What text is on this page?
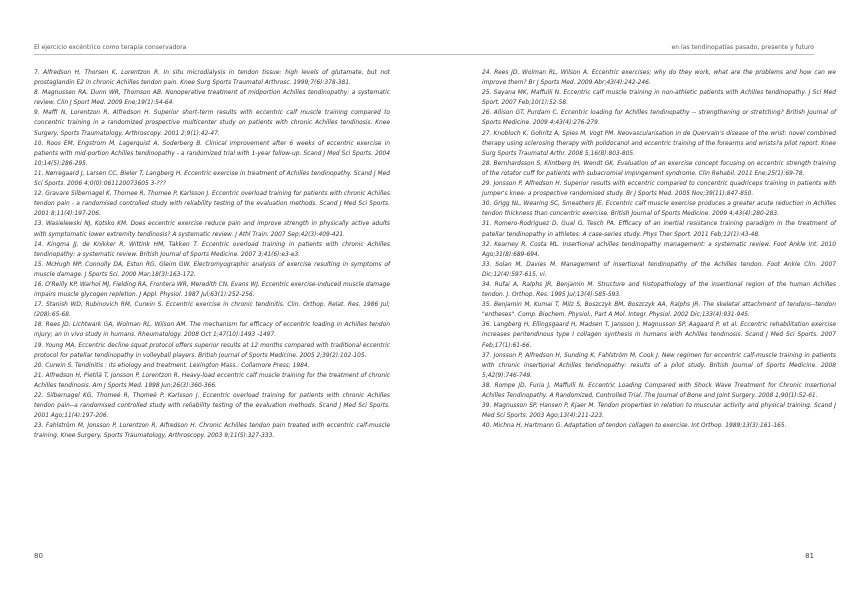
El ejercicio excéntrico como terapia conservadora
7. Alfredson H, Thorsen K, Lorentzon R. In situ microdialysis in tendon tissue: high levels of glutamate, but not prostaglandin E2 in chronic Achilles tendon pain. Knee Surg Sports Traumatol Arthrosc. 1999;7(6):378-381.
8. Magnussen RA, Dunn WR, Thomson AB. Nonoperative treatment of midportion Achilles tendinopathy: a systematic review. Clin J Sport Med. 2009 Ene;19(1):54-64.
9. Maffi N, Lorentzon R, Alfredson H. Superior short-term results with eccentric calf muscle training compared to concentric training in a randomized prospective multicenter study on patients with chronic Achilles tendinosis. Knee Surgery, Sports Traumatology, Arthroscopy. 2001 2;9(1):42-47.
10. Roos EM, Engstrom M, Lagerquist A, Soderberg B. Clinical improvement after 6 weeks of eccentric exercise in patients with mid-portion Achilles tendinopathy - a randomized trial with 1-year follow-up. Scand J Med Sci Sports. 2004 10;14(5):286-295.
11. Nørregaard J, Larsen CC, Bieler T, Langberg H. Eccentric exercise in treatment of Achilles tendinopathy. Scand J Med Sci Sports. 2006 4;0(0):061120073605 3-???
12. Gravare Silbernagel K, Thomee R, Thomee P, Karlsson J. Eccentric overload training for patients with chronic Achilles tendon pain - a randomised controlled study with reliability testing of the evaluation methods. Scand J Med Sci Sports. 2001 8;11(4):197-206.
13. Wasielewski NJ, Kotsko KM. Does eccentric exercise reduce pain and improve strength in physically active adults with symptomatic lower extremity tendinosis? A systematic review. J Athl Train. 2007 Sep;42(3):409-421.
14. Kingma JJ, de Knikker R, Wittink HM, Takken T. Eccentric overload training in patients with chronic Achilles tendinopathy: a systematic review. British Journal of Sports Medicine. 2007 3;41(6):e3-e3.
15. McHugh MP, Connolly DA, Eston RG, Gleim GW. Electromyographic analysis of exercise resulting in symptoms of muscle damage. J Sports Sci. 2000 Mar;18(3):163-172.
16. O'Reilly KP, Warhol MJ, Fielding RA, Frontera WR, Meredith CN, Evans WJ. Eccentric exercise-induced muscle damage impairs muscle glycogen repletion. J Appl. Physiol. 1987 Jul;63(1):252-256.
17. Stanish WD, Rubinovich RM, Curwin S. Eccentric exercise in chronic tendinitis. Clin. Orthop. Relat. Res. 1986 Jul;(208):65-68.
18. Rees JD, Lichtwark GA, Wolman RL, Wilson AM. The mechanism for efficacy of eccentric loading in Achilles tendon injury; an in vivo study in humans. Rheumatology. 2008 Oct 1;47(10):1493 -1497.
19. Young MA. Eccentric decline squat protocol offers superior results at 12 months compared with traditional eccentric protocol for patellar tendinopathy in volleyball players. British Journal of Sports Medicine. 2005 2;39(2):102-105.
20. Curwin S. Tendinitis : its etiology and treatment. Lexington Mass.: Collamore Press; 1984.
21. Alfredson H, Pietilä T, Jonsson P, Lorentzon R. Heavy-load eccentric calf muscle training for the treatment of chronic Achilles tendinosis. Am J Sports Med. 1998 Jun;26(3):360-366.
22. Silbernagel KG, Thomeé R, Thomeé P, Karlsson J. Eccentric overload training for patients with chronic Achilles tendon pain--a randomised controlled study with reliability testing of the evaluation methods. Scand J Med Sci Sports. 2001 Ago;11(4):197-206.
23. Fahlström M, Jonsson P, Lorentzon R, Alfredson H. Chronic Achilles tendon pain treated with eccentric calf-muscle training. Knee Surgery, Sports Traumatology, Arthroscopy. 2003 9;11(5):327-333.
80
en las tendinopatías pasado, presente y futuro
24. Rees JD, Wolman RL, Wilson A. Eccentric exercises; why do they work, what are the problems and how can we improve them? Br J Sports Med. 2009 Abr;43(4):242-246.
25. Sayana MK, Maffulli N. Eccentric calf muscle training in non-athletic patients with Achilles tendinopathy. J Sci Med Sport. 2007 Feb;10(1):52-58.
26. Allison GT, Purdam C. Eccentric loading for Achilles tendinopathy -- strengthening or stretching? British Journal of Sports Medicine. 2009 4;43(4):276-279.
27. Knobloch K, Gohritz A, Spies M, Vogt PM. Neovascularisation in de Quervain's disease of the wrist: novel combined therapy using sclerosing therapy with polidocanol and eccentric training of the forearms and wrists?a pilot report. Knee Surg Sports Traumatol Arthr. 2008 5;16(8):803-805.
28. Bernhardsson S, Klintberg IH, Wendt GK. Evaluation of an exercise concept focusing on eccentric strength training of the rotator cuff for patients with subacromial impingement syndrome. Clin Rehabil. 2011 Ene;25(1):69-78.
29. Jonsson P, Alfredson H. Superior results with eccentric compared to concentric quadriceps training in patients with jumper's knee: a prospective randomised study. Br J Sports Med. 2005 Nov;39(11):847-850.
30. Grigg NL, Wearing SC, Smeathers JE. Eccentric calf muscle exercise produces a greater acute reduction in Achilles tendon thickness than concentric exercise. British Journal of Sports Medicine. 2009 4;43(4):280-283.
31. Romero-Rodriguez D, Gual G, Tesch PA. Efficacy of an inertial resistance training paradigm in the treatment of patellar tendinopathy in athletes: A case-series study. Phys Ther Sport. 2011 Feb;12(1):43-48.
32. Kearney R, Costa ML. Insertional achilles tendinopathy management: a systematic review. Foot Ankle Int. 2010 Ago;31(8):689-694.
33. Solan M, Davies M. Management of insertional tendinopathy of the Achilles tendon. Foot Ankle Clin. 2007 Dic;12(4):597-615, vi.
34. Rufai A, Ralphs JR, Benjamin M. Structure and histopathology of the insertional region of the human Achilles tendon. J. Orthop. Res. 1995 Jul;13(4):585-593.
35. Benjamin M, Kumai T, Milz S, Boszczyk BM, Boszczyk AA, Ralphs JR. The skeletal attachment of tendons--tendon "entheses". Comp. Biochem. Physiol., Part A Mol. Integr. Physiol. 2002 Dic;133(4):931-945.
36. Langberg H, Ellingsgaard H, Madsen T, Jansson J, Magnusson SP, Aagaard P, et al. Eccentric rehabilitation exercise increases peritendinous type I collagen synthesis in humans with Achilles tendinosis. Scand J Med Sci Sports. 2007 Feb;17(1):61-66.
37. Jonsson P, Alfredson H, Sunding K, Fahlström M, Cook J. New regimen for eccentric calf-muscle training in patients with chronic insertional Achilles tendinopathy: results of a pilot study. British Journal of Sports Medicine. 2008 5;42(9):746-749.
38. Rompe JD, Furia J, Maffulli N. Eccentric Loading Compared with Shock Wave Treatment for Chronic Insertional Achilles Tendinopathy. A Randomized, Controlled Trial. The Journal of Bone and Joint Surgery. 2008 1;90(1):52-61.
39. Magnusson SP, Hansen P, Kjaer M. Tendon properties in relation to muscular activity and physical training. Scand J Med Sci Sports. 2003 Ago;13(4):211-223.
40. Michna H, Hartmann G. Adaptation of tendon collagen to exercise. Int Orthop. 1989;13(3):161-165.
81
